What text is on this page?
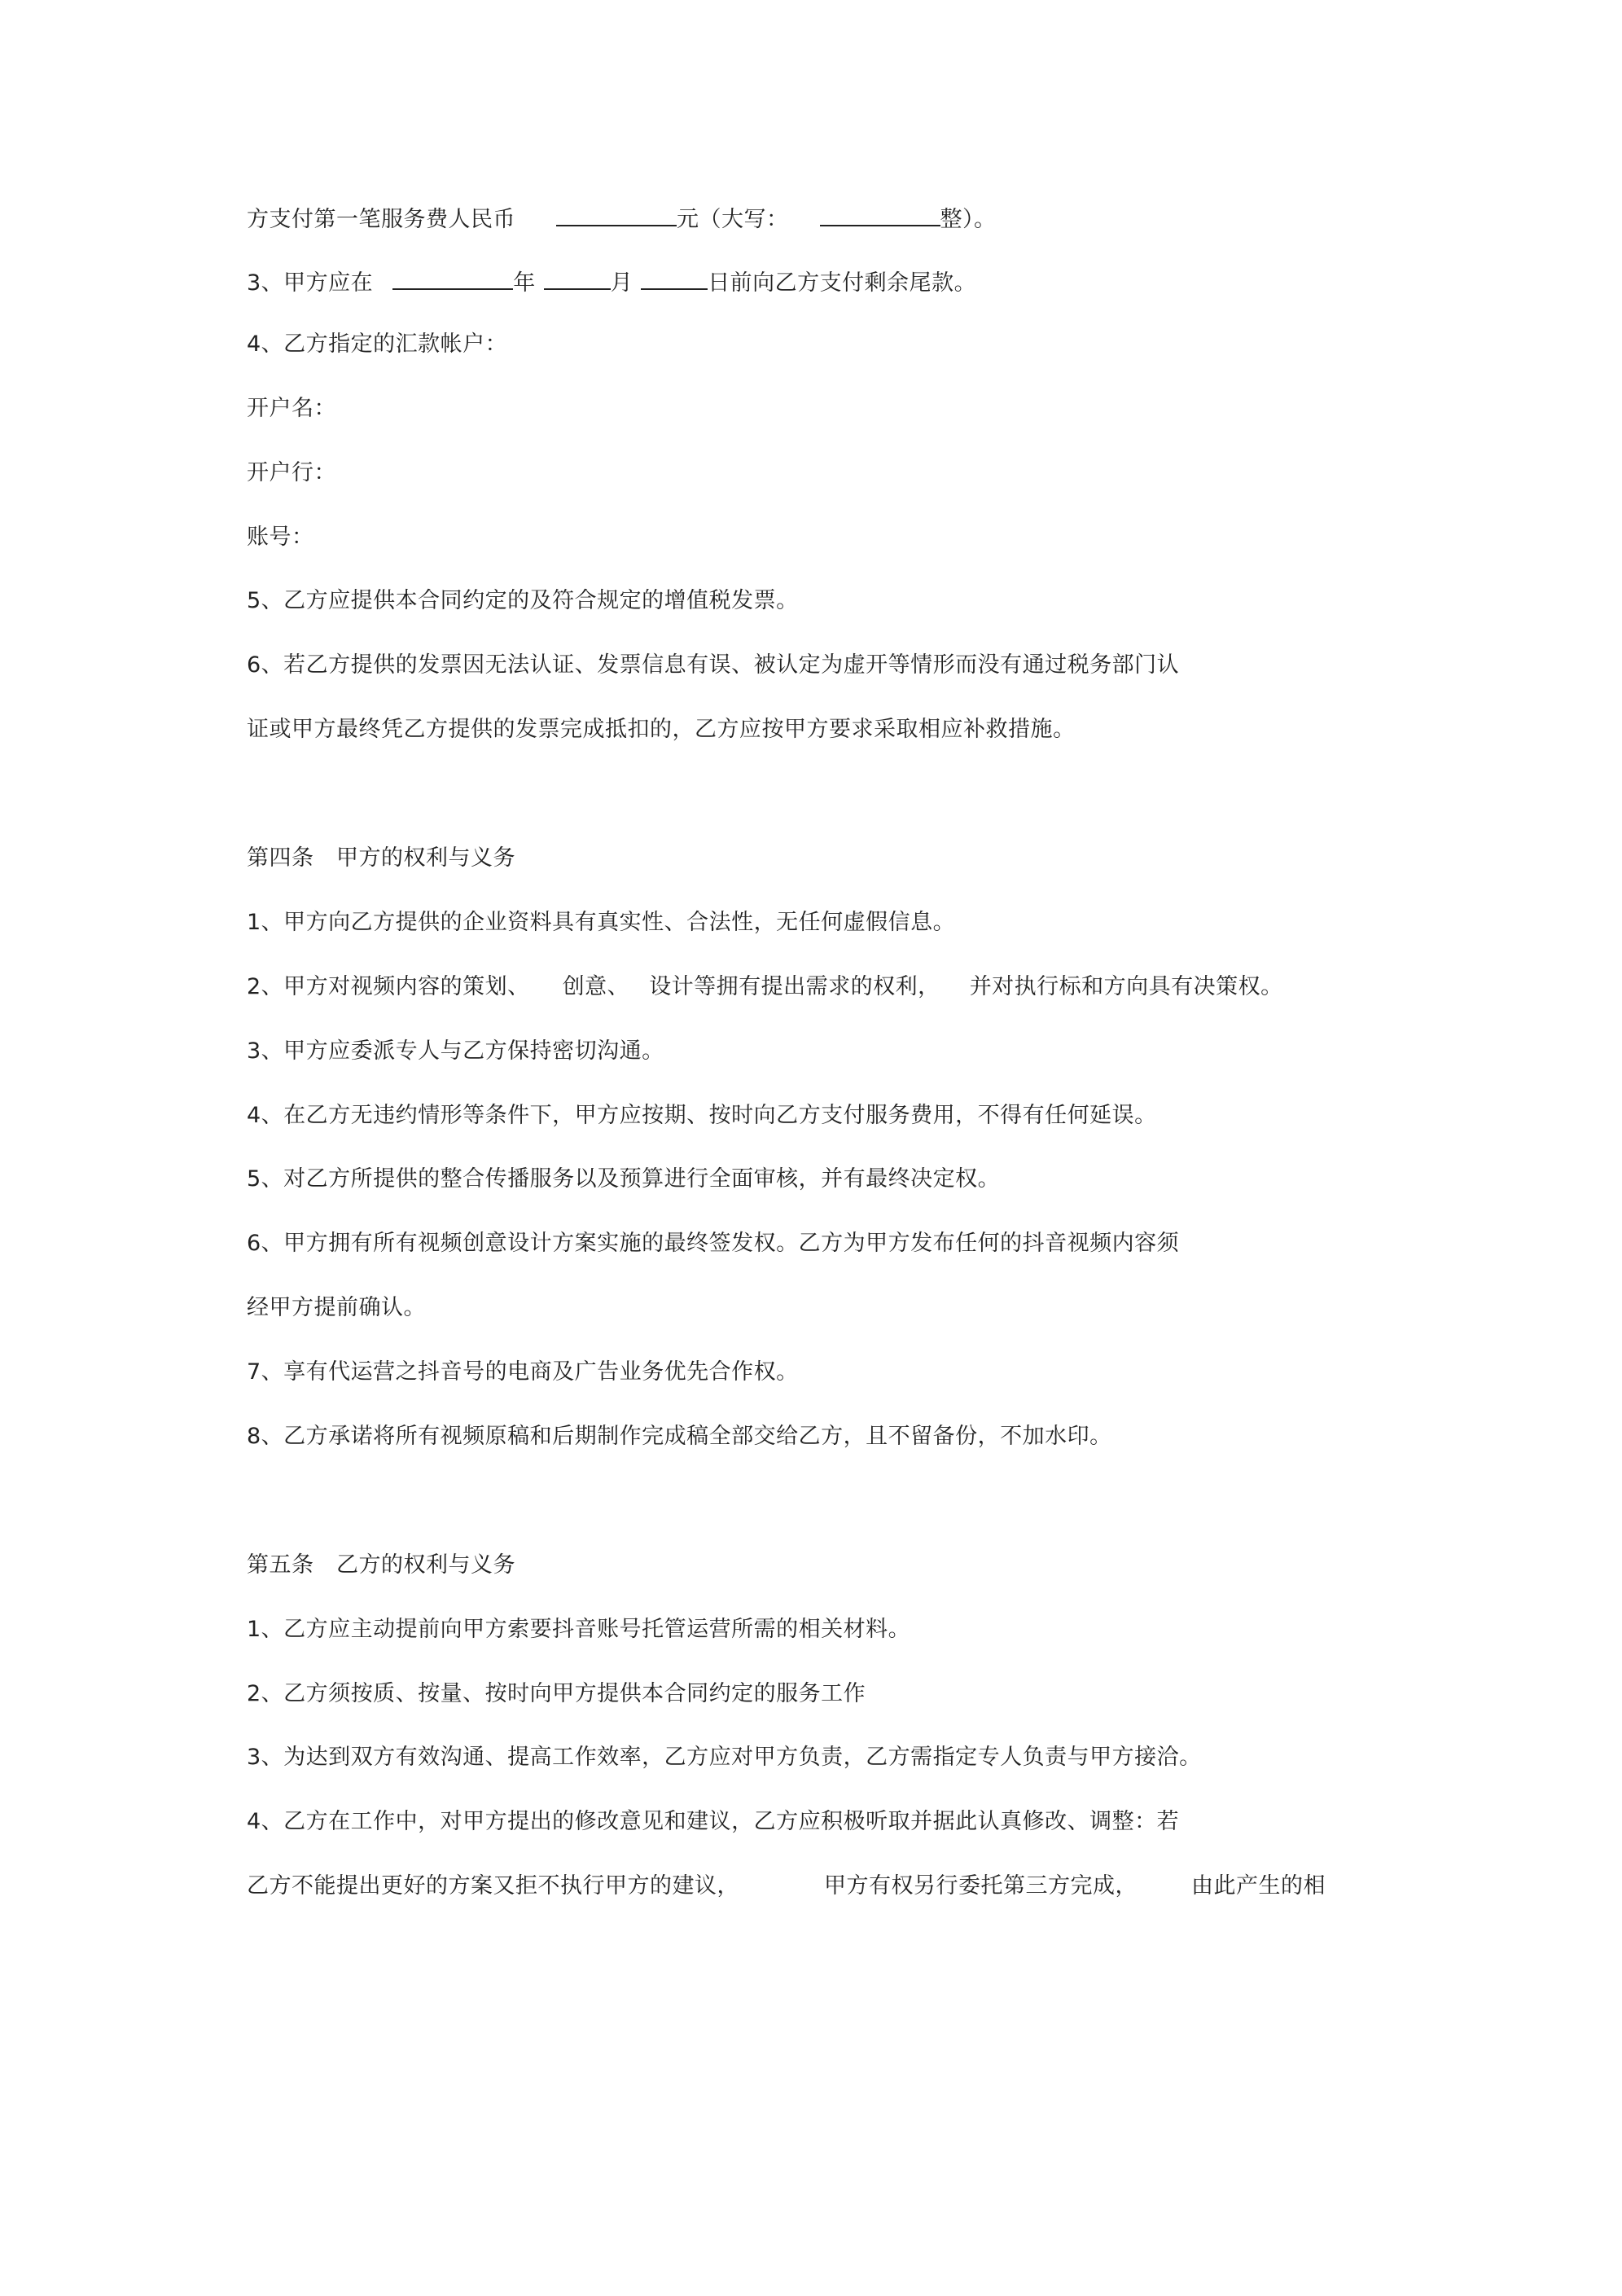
方支付第一笔服务费人民币	元（大写：	整）。
3、甲方应在	年	月	日前向乙方支付剩余尾款。
4、乙方指定的汇款帐户：
开户名：
开户行：
账号：
5、乙方应提供本合同约定的及符合规定的增值税发票。
6、若乙方提供的发票因无法认证、发票信息有误、被认定为虚开等情形而没有通过税务部门认
证或甲方最终凭乙方提供的发票完成抵扣的，乙方应按甲方要求采取相应补救措施。
第四条　甲方的权利与义务
1、甲方向乙方提供的企业资料具有真实性、合法性，无任何虚假信息。
2、甲方对视频内容的策划、 创意、 设计等拥有提出需求的权利， 并对执行标和方向具有决策权。
3、甲方应委派专人与乙方保持密切沟通。
4、在乙方无违约情形等条件下，甲方应按期、按时向乙方支付服务费用，不得有任何延误。
5、对乙方所提供的整合传播服务以及预算进行全面审核，并有最终决定权。
6、甲方拥有所有视频创意设计方案实施的最终签发权。乙方为甲方发布任何的抖音视频内容须
经甲方提前确认。
7、享有代运营之抖音号的电商及广告业务优先合作权。
8、乙方承诺将所有视频原稿和后期制作完成稿全部交给乙方，且不留备份，不加水印。
第五条　乙方的权利与义务
1、乙方应主动提前向甲方索要抖音账号托管运营所需的相关材料。
2、乙方须按质、按量、按时向甲方提供本合同约定的服务工作
3、为达到双方有效沟通、提高工作效率，乙方应对甲方负责，乙方需指定专人负责与甲方接洽。
4、乙方在工作中，对甲方提出的修改意见和建议，乙方应积极听取并据此认真修改、调整：若
乙方不能提出更好的方案又拒不执行甲方的建议，	甲方有权另行委托第三方完成， 由此产生的相
